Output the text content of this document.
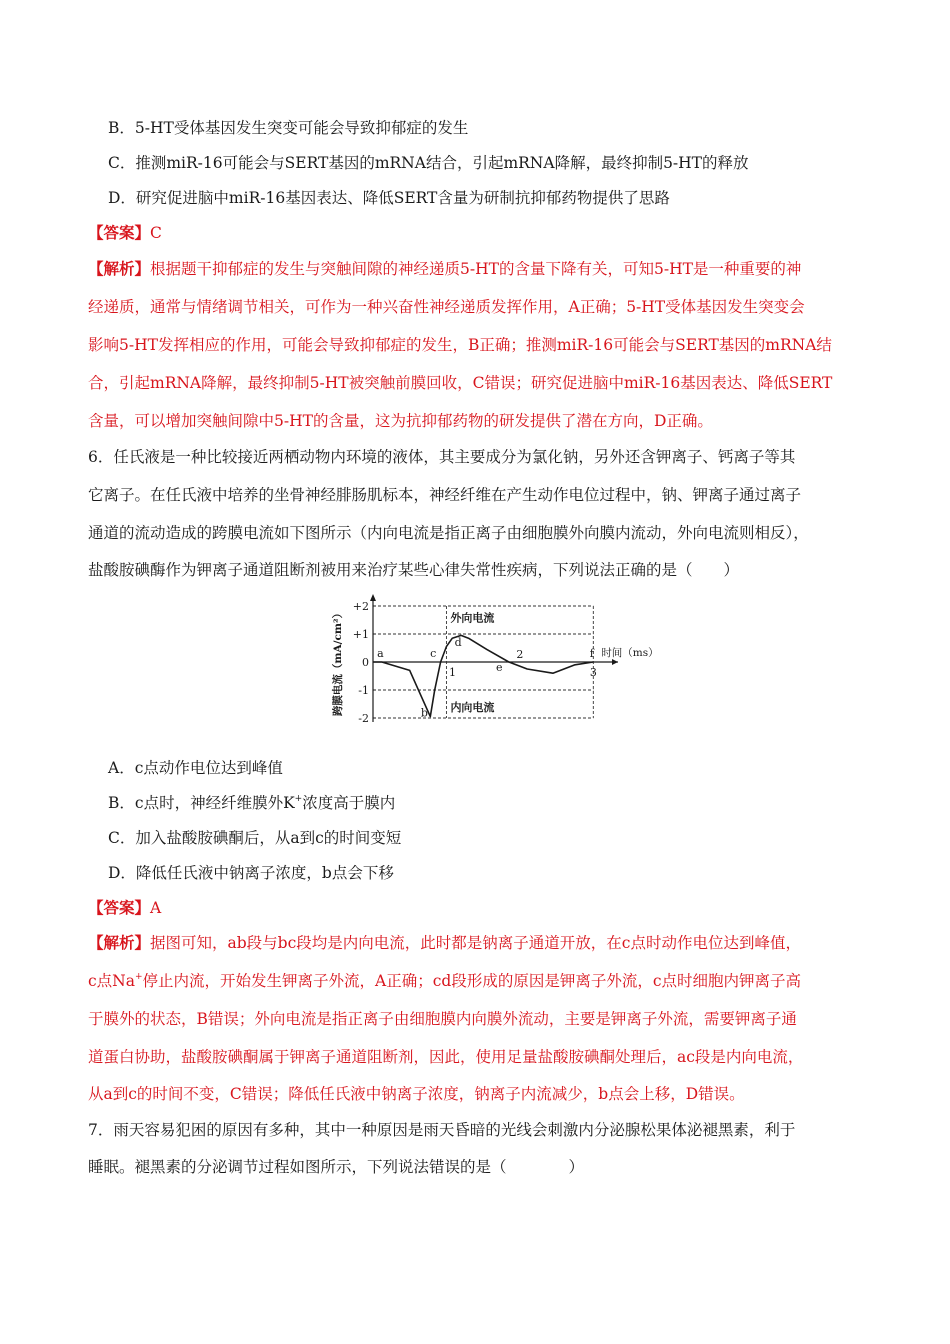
B．5-HT受体基因发生突变可能会导致抑郁症的发生
C．推测miR-16可能会与SERT基因的mRNA结合，引起mRNA降解，最终抑制5-HT的释放
D．研究促进脑中miR-16基因表达、降低SERT含量为研制抗抑郁药物提供了思路
【答案】C
【解析】根据题干抑郁症的发生与突触间隙的神经递质5-HT的含量下降有关，可知5-HT是一种重要的神
经递质，通常与情绪调节相关，可作为一种兴奋性神经递质发挥作用，A正确；5-HT受体基因发生突变会
影响5-HT发挥相应的作用，可能会导致抑郁症的发生，B正确；推测miR-16可能会与SERT基因的mRNA结
合，引起mRNA降解，最终抑制5-HT被突触前膜回收，C错误；研究促进脑中miR-16基因表达、降低SERT
含量，可以增加突触间隙中5-HT的含量，这为抗抑郁药物的研发提供了潜在方向，D正确。
6．任氏液是一种比较接近两栖动物内环境的液体，其主要成分为氯化钠，另外还含钾离子、钙离子等其
它离子。在任氏液中培养的坐骨神经腓肠肌标本，神经纤维在产生动作电位过程中，钠、钾离子通过离子
通道的流动造成的跨膜电流如下图所示（内向电流是指正离子由细胞膜外向膜内流动，外向电流则相反），
盐酸胺碘酶作为钾离子通道阻断剂被用来治疗某些心律失常性疾病，下列说法正确的是（　　）
+2
+1
0
-1
-2
1
2
3
跨膜电流（mA/cm²）	时间（ms）
外向电流
内向电流
a
b
c
d
e
f
A．c点动作电位达到峰值
B．c点时，神经纤维膜外K+浓度高于膜内
C．加入盐酸胺碘酮后，从a到c的时间变短
D．降低任氏液中钠离子浓度，b点会下移
【答案】A
【解析】据图可知，ab段与bc段均是内向电流，此时都是钠离子通道开放，在c点时动作电位达到峰值，
c点Na+停止内流，开始发生钾离子外流，A正确；cd段形成的原因是钾离子外流，c点时细胞内钾离子高
于膜外的状态，B错误；外向电流是指正离子由细胞膜内向膜外流动，主要是钾离子外流，需要钾离子通
道蛋白协助，盐酸胺碘酮属于钾离子通道阻断剂，因此，使用足量盐酸胺碘酮处理后，ac段是内向电流，
从a到c的时间不变，C错误；降低任氏液中钠离子浓度，钠离子内流减少，b点会上移，D错误。
7．雨天容易犯困的原因有多种，其中一种原因是雨天昏暗的光线会刺激内分泌腺松果体泌褪黑素，利于
睡眠。褪黑素的分泌调节过程如图所示，下列说法错误的是（　　　　）
